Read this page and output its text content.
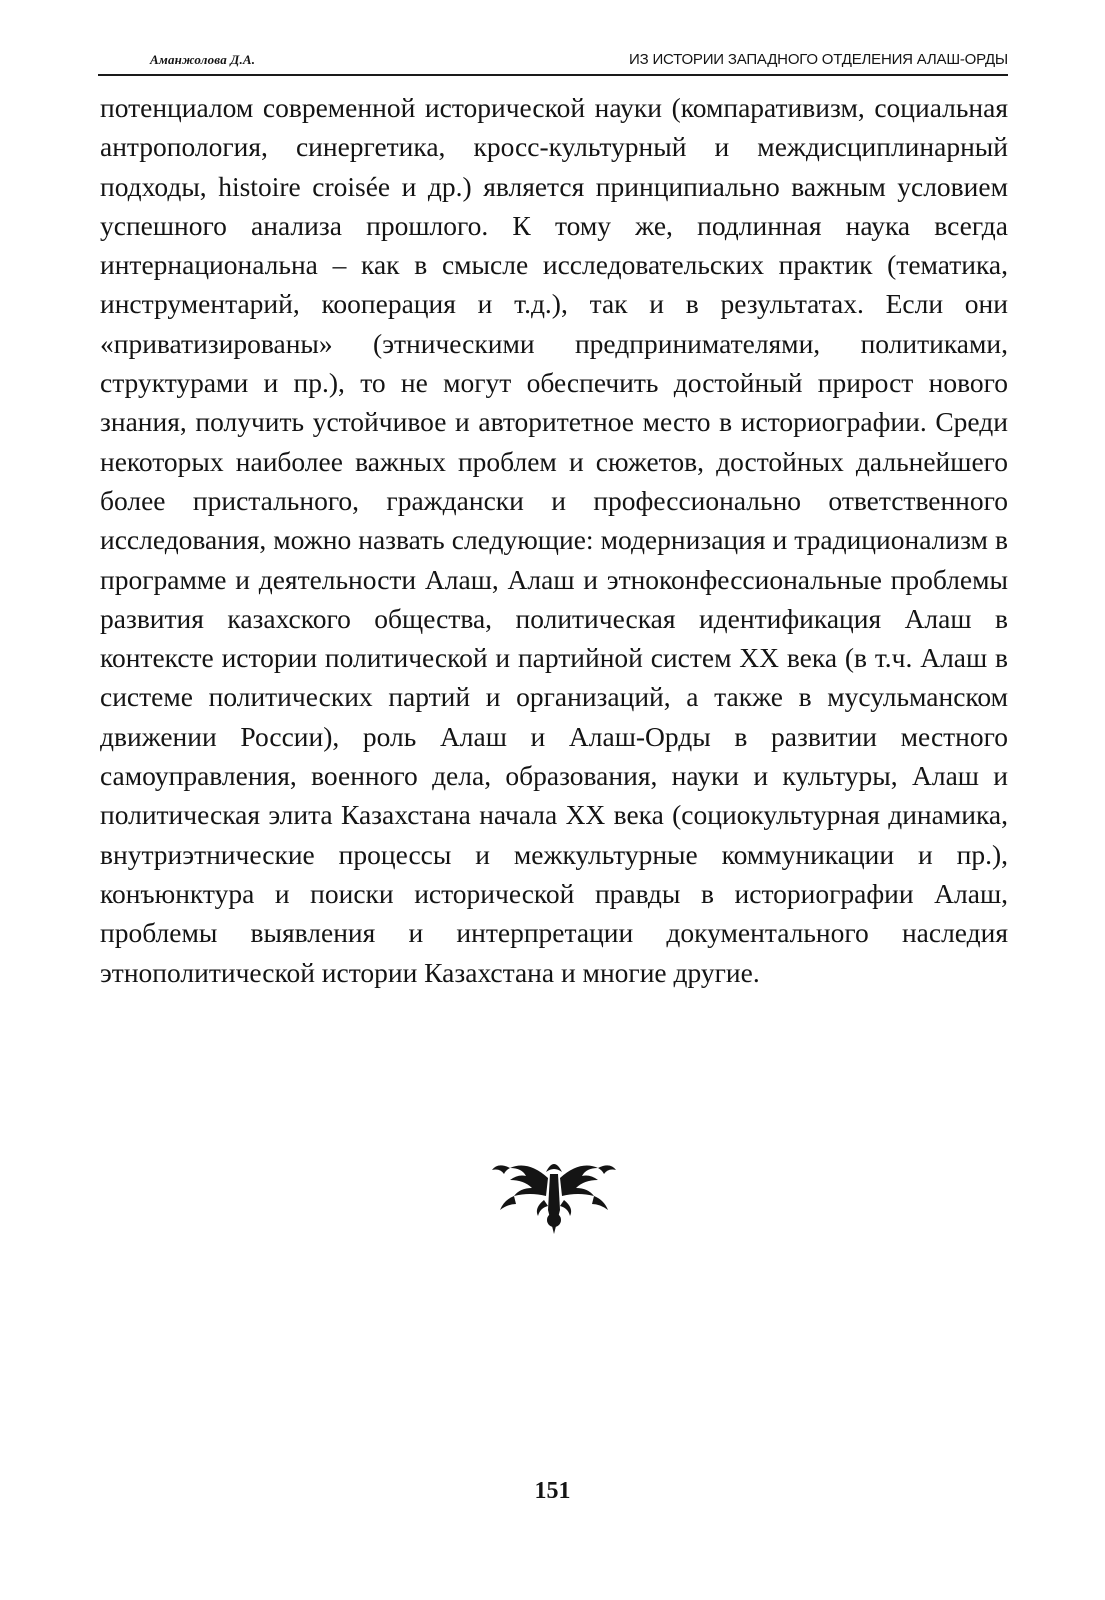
Аманжолова Д.А.	ИЗ ИСТОРИИ ЗАПАДНОГО ОТДЕЛЕНИЯ АЛАШ-ОРДЫ

потенциалом современной исторической науки (компаративизм, социальная антропология, синергетика, кросс-культурный и междисциплинарный подходы, histoire croisée и др.) является принципиально важным условием успешного анализа прошлого. К тому же, подлинная наука всегда интернациональна – как в смысле исследовательских практик (тематика, инструментарий, кооперация и т.д.), так и в результатах. Если они «приватизированы» (этническими предпринимателями, политиками, структурами и пр.), то не могут обеспечить достойный прирост нового знания, получить устойчивое и авторитетное место в историографии. Среди некоторых наиболее важных проблем и сюжетов, достойных дальнейшего более пристального, граждански и профессионально ответственного исследования, можно назвать следующие: модернизация и традиционализм в программе и деятельности Алаш, Алаш и этноконфессиональные проблемы развития казахского общества, политическая идентификация Алаш в контексте истории политической и партийной систем XX века (в т.ч. Алаш в системе политических партий и организаций, а также в мусульманском движении России), роль Алаш и Алаш-Орды в развитии местного самоуправления, военного дела, образования, науки и культуры, Алаш и политическая элита Казахстана начала XX века (социокультурная динамика, внутриэтнические процессы и межкультурные коммуникации и пр.), конъюнктура и поиски исторической правды в историографии Алаш, проблемы выявления и интерпретации документального наследия этнополитической истории Казахстана и многие другие.

151
